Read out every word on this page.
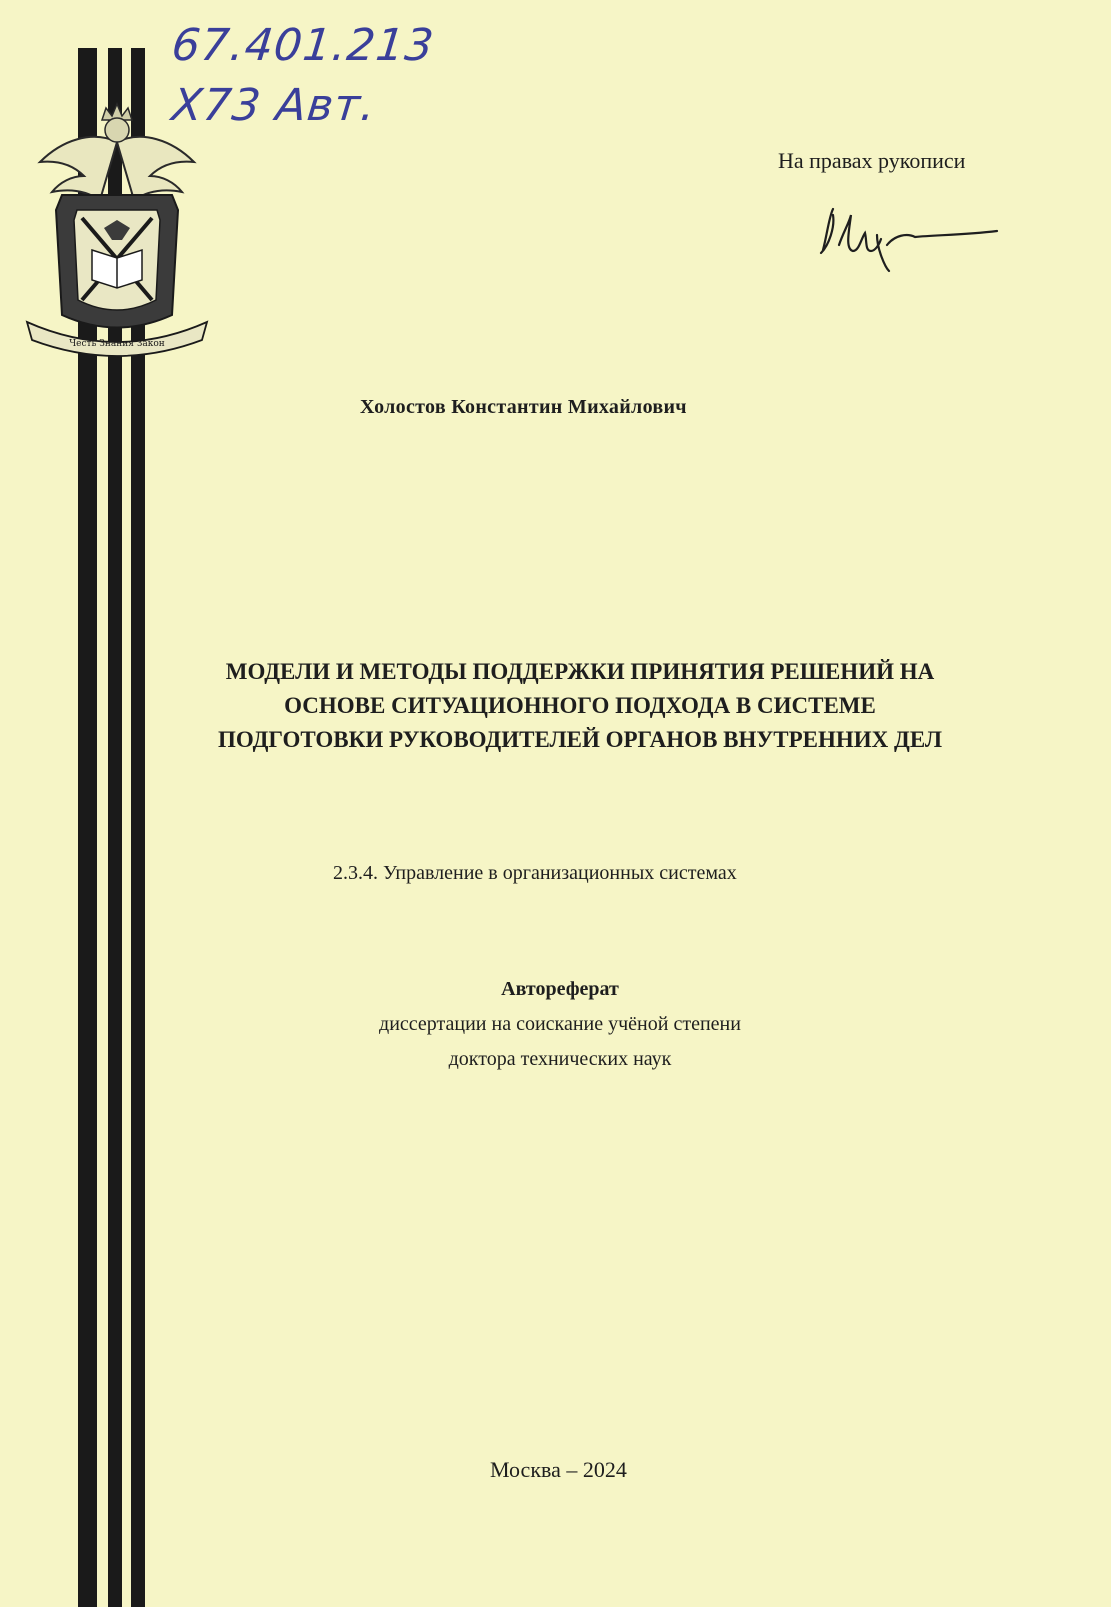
67.401.213
Х73 Авт.
Честь Знания Закон
На правах рукописи
Холостов Константин Михайлович
МОДЕЛИ И МЕТОДЫ ПОДДЕРЖКИ ПРИНЯТИЯ РЕШЕНИЙ НА
ОСНОВЕ СИТУАЦИОННОГО ПОДХОДА В СИСТЕМЕ
ПОДГОТОВКИ РУКОВОДИТЕЛЕЙ ОРГАНОВ ВНУТРЕННИХ ДЕЛ
2.3.4. Управление в организационных системах
Автореферат
диссертации на соискание учёной степени
доктора технических наук
Москва – 2024
